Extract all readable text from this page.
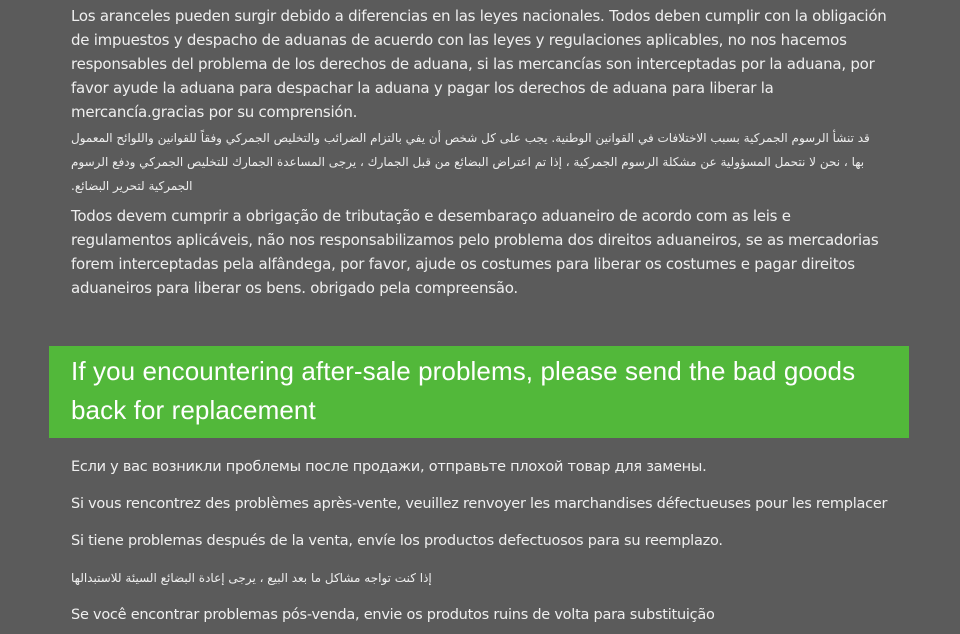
Los aranceles pueden surgir debido a diferencias en las leyes nacionales. Todos deben cumplir con la obligación de impuestos y despacho de aduanas de acuerdo con las leyes y regulaciones aplicables, no nos hacemos responsables del problema de los derechos de aduana, si las mercancías son interceptadas por la aduana, por favor ayude la aduana para despachar la aduana y pagar los derechos de aduana para liberar la mercancía.gracias por su comprensión.

قد تنشأ الرسوم الجمركية بسبب الاختلافات في القوانين الوطنية. يجب على كل شخص أن يفي بالتزام الضرائب والتخليص الجمركي وفقاً للقوانين واللوائح المعمول بها ، نحن لا نتحمل المسؤولية عن مشكلة الرسوم الجمركية ، إذا تم اعتراض البضائع من قبل الجمارك ، يرجى المساعدة الجمارك للتخليص الجمركي ودفع الرسوم الجمركية لتحرير البضائع.

Todos devem cumprir a obrigação de tributação e desembaraço aduaneiro de acordo com as leis e regulamentos aplicáveis, não nos responsabilizamos pelo problema dos direitos aduaneiros, se as mercadorias forem interceptadas pela alfândega, por favor, ajude os costumes para liberar os costumes e pagar direitos aduaneiros para liberar os bens. obrigado pela compreensão.

If you encountering after-sale problems, please send the bad goods back for replacement

Если у вас возникли проблемы после продажи, отправьте плохой товар для замены.

Si vous rencontrez des problèmes après-vente, veuillez renvoyer les marchandises défectueuses pour les remplacer

Si tiene problemas después de la venta, envíe los productos defectuosos para su reemplazo.

إذا كنت تواجه مشاكل ما بعد البيع ، يرجى إعادة البضائع السيئة للاستبدالها

Se você encontrar problemas pós-venda, envie os produtos ruins de volta para substituição
